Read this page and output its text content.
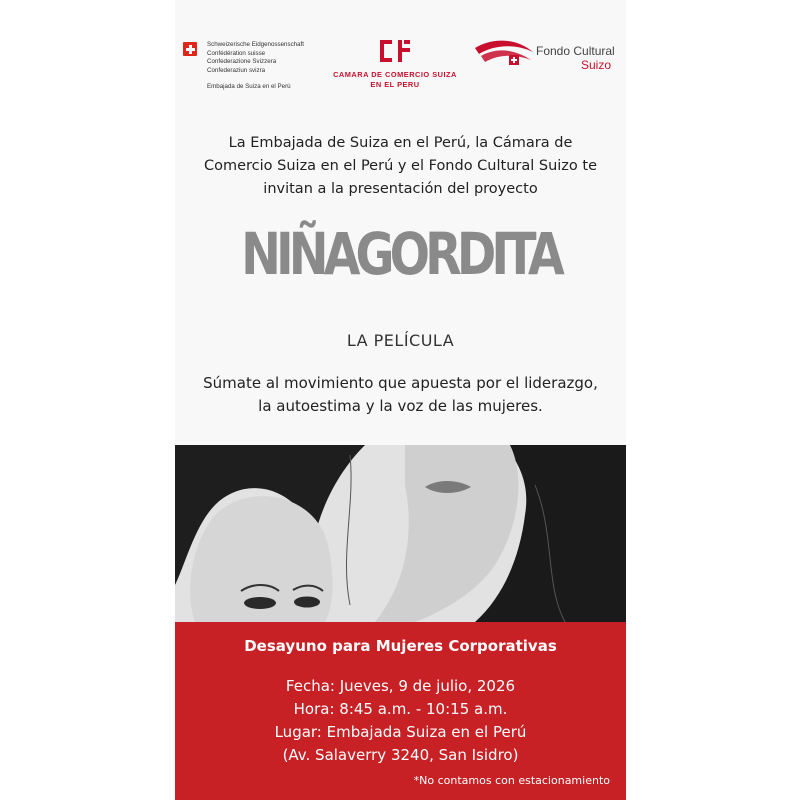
Schweizerische Eidgenossenschaft
Confédération suisse
Confederazione Svizzera
Confederaziun svizra
Embajada de Suiza en el Perú
CAMARA DE COMERCIO SUIZA
EN EL PERU
Fondo Cultural
Suizo
La Embajada de Suiza en el Perú, la Cámara de Comercio Suiza en el Perú y el Fondo Cultural Suizo te invitan a la presentación del proyecto
NIÑAGORDITA
LA PELÍCULA
Súmate al movimiento que apuesta por el liderazgo, la autoestima y la voz de las mujeres.
Desayuno para Mujeres Corporativas
Fecha: Jueves, 9 de julio, 2026
Hora: 8:45 a.m. - 10:15 a.m.
Lugar: Embajada Suiza en el Perú
(Av. Salaverry 3240, San Isidro)
*No contamos con estacionamiento
